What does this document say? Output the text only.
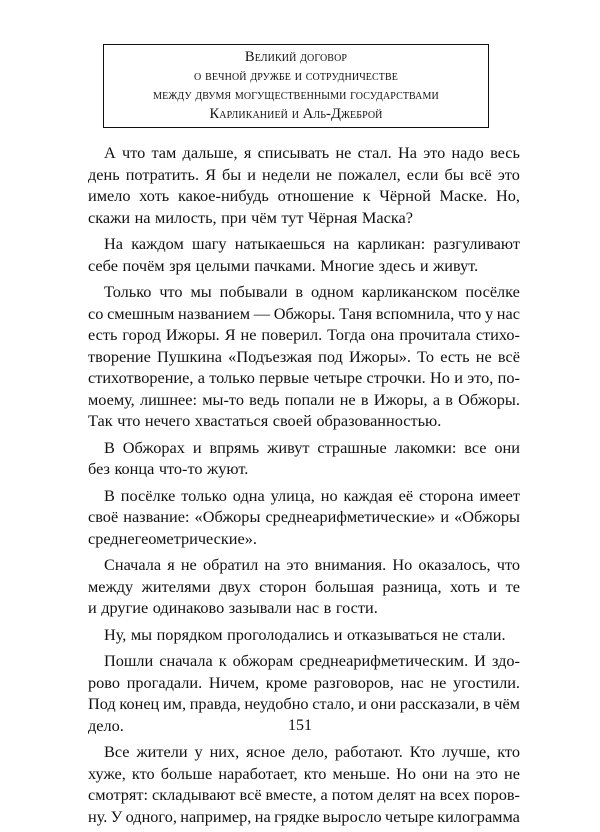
Великий договор
о вечной дружбе и сотрудничестве
между двумя могущественными государствами
Карликанией и Аль-Джеброй
А что там дальше, я списывать не стал. На это надо весь
день потратить. Я бы и недели не пожалел, если бы всё это
имело хоть какое-нибудь отношение к Чёрной Маске. Но,
скажи на милость, при чём тут Чёрная Маска?
На каждом шагу натыкаешься на карликан: разгуливают
себе почём зря целыми пачками. Многие здесь и живут.
Только что мы побывали в одном карликанском посёлке
со смешным названием — Обжоры. Таня вспомнила, что у нас
есть город Ижоры. Я не поверил. Тогда она прочитала стихо-
творение Пушкина «Подъезжая под Ижоры». То есть не всё
стихотворение, а только первые четыре строчки. Но и это, по-
моему, лишнее: мы-то ведь попали не в Ижоры, а в Обжоры.
Так что нечего хвастаться своей образованностью.
В Обжорах и впрямь живут страшные лакомки: все они
без конца что-то жуют.
В посёлке только одна улица, но каждая её сторона имеет
своё название: «Обжоры среднеарифметические» и «Обжоры
среднегеометрические».
Сначала я не обратил на это внимания. Но оказалось, что
между жителями двух сторон большая разница, хоть и те
и другие одинаково зазывали нас в гости.
Ну, мы порядком проголодались и отказываться не стали.
Пошли сначала к обжорам среднеарифметическим. И здо-
рово прогадали. Ничем, кроме разговоров, нас не угостили.
Под конец им, правда, неудобно стало, и они рассказали, в чём
дело.
Все жители у них, ясное дело, работают. Кто лучше, кто
хуже, кто больше наработает, кто меньше. Но они на это не
смотрят: складывают всё вместе, а потом делят на всех поров-
ну. У одного, например, на грядке выросло четыре килограмма
151
